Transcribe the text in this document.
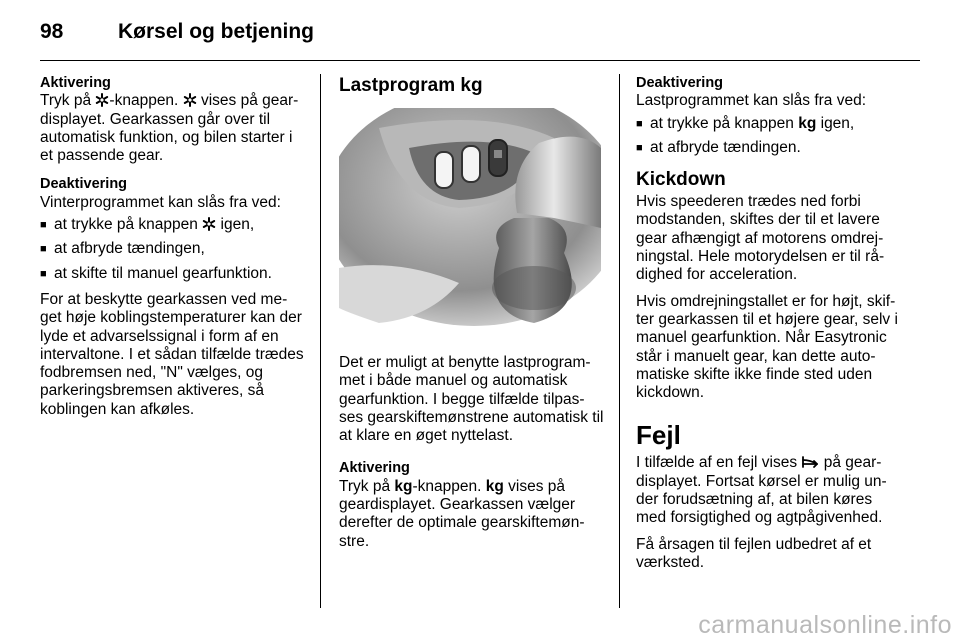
98	Kørsel og betjening
Aktivering
Tryk på -knappen.  vises på gear-displayet. Gearkassen går over til automatisk funktion, og bilen starter i et passende gear.
Deaktivering
Vinterprogrammet kan slås fra ved:
■ at trykke på knappen  igen,
■ at afbryde tændingen,
■ at skifte til manuel gearfunktion.

For at beskytte gearkassen ved me-get høje koblingstemperaturer kan der lyde et advarselssignal i form af en intervaltone. I et sådan tilfælde trædes fodbremsen ned, "N" vælges, og parkeringsbremsen aktiveres, så koblingen kan afkøles.

Lastprogram kg

Det er muligt at benytte lastprogram-met i både manuel og automatisk gearfunktion. I begge tilfælde tilpas-ses gearskiftemønstrene automatisk til at klare en øget nyttelast.

Aktivering
Tryk på kg-knappen. kg vises på geardisplayet. Gearkassen vælger derefter de optimale gearskiftemøn-stre.
Deaktivering
Lastprogrammet kan slås fra ved:
■ at trykke på knappen kg igen,
■ at afbryde tændingen.
Kickdown

Hvis speederen trædes ned forbi modstanden, skiftes der til et lavere gear afhængigt af motorens omdrej-ningstal. Hele motorydelsen er til rå-dighed for acceleration.

Hvis omdrejningstallet er for højt, skif-ter gearkassen til et højere gear, selv i manuel gearfunktion. Når Easytronic står i manuelt gear, kan dette auto-matiske skifte ikke finde sted uden kickdown.

Fejl

I tilfælde af en fejl vises  på gear-displayet. Fortsat kørsel er mulig un-der forudsætning af, at bilen køres med forsigtighed og agtpågivenhed.

Få årsagen til fejlen udbedret af et værksted.

carmanualsonline.info
